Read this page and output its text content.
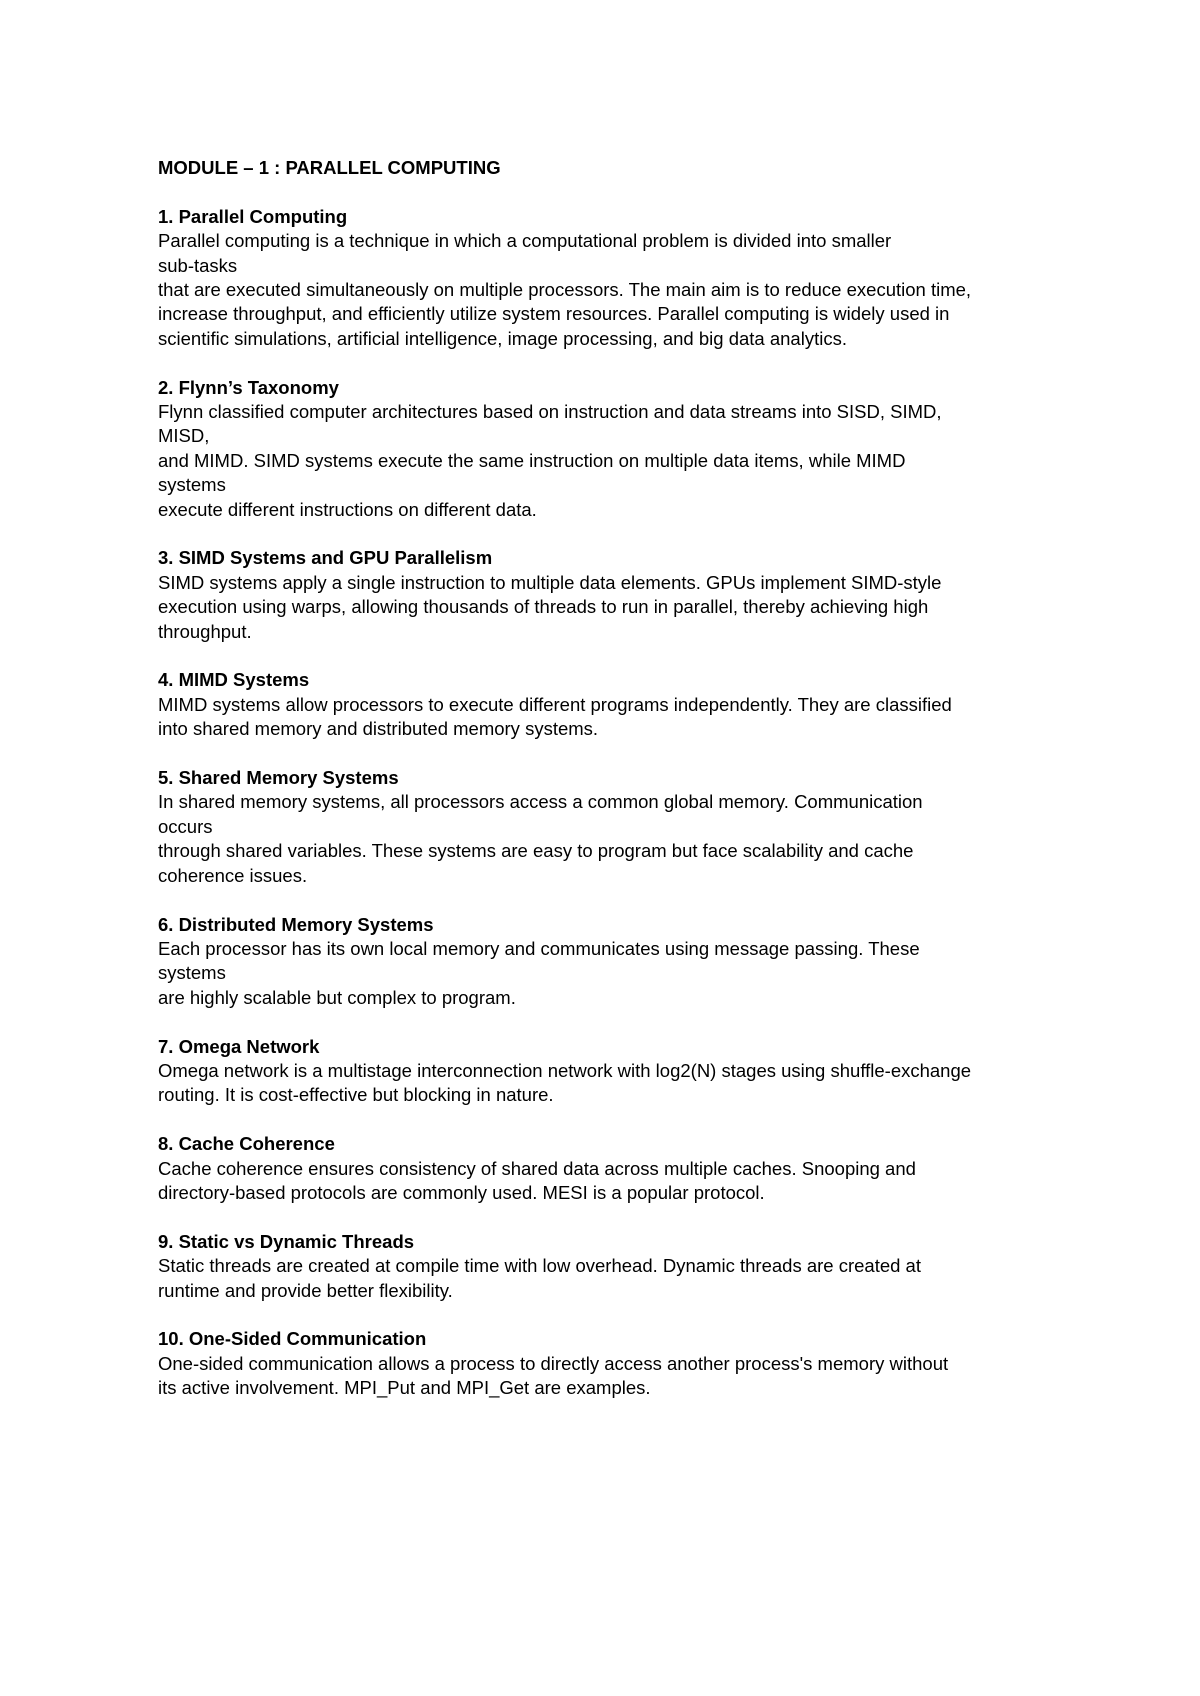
MODULE – 1 : PARALLEL COMPUTING
1. Parallel Computing
Parallel computing is a technique in which a computational problem is divided into smaller
sub-tasks
that are executed simultaneously on multiple processors. The main aim is to reduce execution time,
increase throughput, and efficiently utilize system resources. Parallel computing is widely used in
scientific simulations, artificial intelligence, image processing, and big data analytics.
2. Flynn’s Taxonomy
Flynn classified computer architectures based on instruction and data streams into SISD, SIMD,
MISD,
and MIMD. SIMD systems execute the same instruction on multiple data items, while MIMD
systems
execute different instructions on different data.
3. SIMD Systems and GPU Parallelism
SIMD systems apply a single instruction to multiple data elements. GPUs implement SIMD-style
execution using warps, allowing thousands of threads to run in parallel, thereby achieving high
throughput.
4. MIMD Systems
MIMD systems allow processors to execute different programs independently. They are classified
into shared memory and distributed memory systems.
5. Shared Memory Systems
In shared memory systems, all processors access a common global memory. Communication
occurs
through shared variables. These systems are easy to program but face scalability and cache
coherence issues.
6. Distributed Memory Systems
Each processor has its own local memory and communicates using message passing. These
systems
are highly scalable but complex to program.
7. Omega Network
Omega network is a multistage interconnection network with log2(N) stages using shuffle-exchange
routing. It is cost-effective but blocking in nature.
8. Cache Coherence
Cache coherence ensures consistency of shared data across multiple caches. Snooping and
directory-based protocols are commonly used. MESI is a popular protocol.
9. Static vs Dynamic Threads
Static threads are created at compile time with low overhead. Dynamic threads are created at
runtime and provide better flexibility.
10. One-Sided Communication
One-sided communication allows a process to directly access another process's memory without
its active involvement. MPI_Put and MPI_Get are examples.
